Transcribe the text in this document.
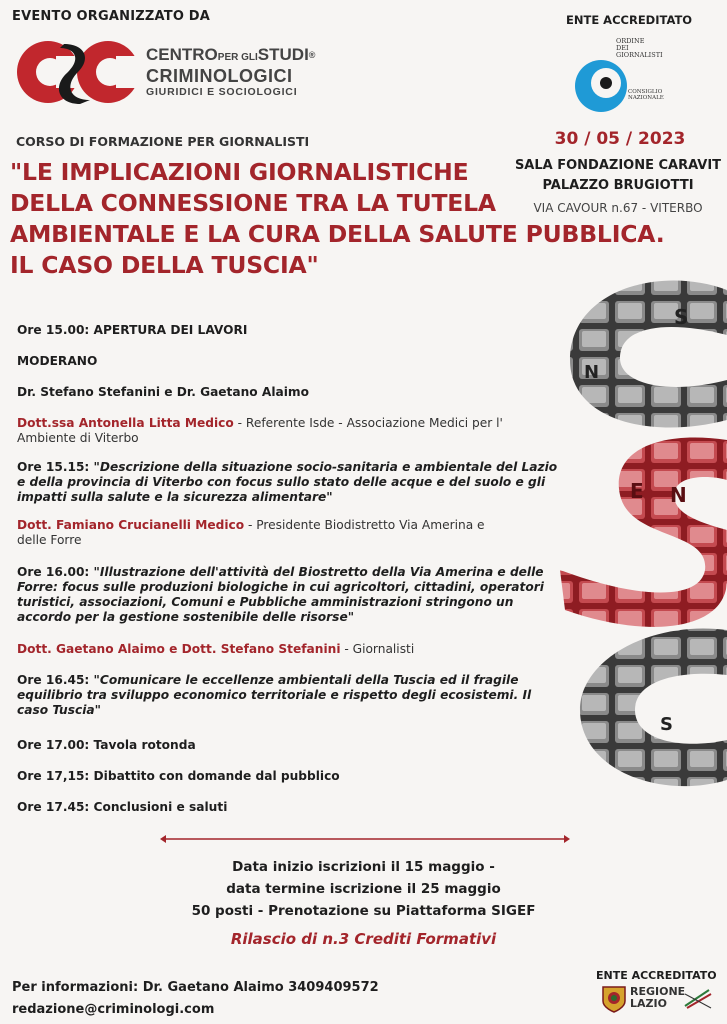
EVENTO ORGANIZZATO DA
CENTROPER GLISTUDI®
CRIMINOLOGICI
GIURIDICI E SOCIOLOGICI
ENTE ACCREDITATO
ORDINE
DEI
GIORNALISTI
CONSIGLIO
NAZIONALE
CORSO DI FORMAZIONE PER GIORNALISTI
"LE IMPLICAZIONI GIORNALISTICHE
DELLA CONNESSIONE TRA LA TUTELA
AMBIENTALE E LA CURA DELLA SALUTE PUBBLICA.
IL CASO DELLA TUSCIA"
30 / 05 / 2023
SALA FONDAZIONE CARAVIT
PALAZZO BRUGIOTTI
VIA CAVOUR n.67 - VITERBO
S
N
E N
S
Ore 15.00: APERTURA DEI LAVORI
MODERANO
Dr. Stefano Stefanini e Dr. Gaetano Alaimo
Dott.ssa Antonella Litta Medico - Referente Isde - Associazione Medici per l' Ambiente di Viterbo
Ore 15.15: "Descrizione della situazione socio-sanitaria e ambientale del Lazio e della provincia di Viterbo con focus sullo stato delle acque e del suolo e gli impatti sulla salute e la sicurezza alimentare"
Dott. Famiano Crucianelli Medico - Presidente Biodistretto Via Amerina e delle Forre
Ore 16.00: "Illustrazione dell'attività del Biostretto della Via Amerina e delle Forre: focus sulle produzioni biologiche in cui agricoltori, cittadini, operatori turistici, associazioni, Comuni e Pubbliche amministrazioni stringono un accordo per la gestione sostenibile delle risorse"
Dott. Gaetano Alaimo e Dott. Stefano Stefanini - Giornalisti
Ore 16.45: "Comunicare le eccellenze ambientali della Tuscia ed il fragile equilibrio tra sviluppo economico territoriale e rispetto degli ecosistemi. Il caso Tuscia"
Ore 17.00: Tavola rotonda
Ore 17,15: Dibattito con domande dal pubblico
Ore 17.45: Conclusioni e saluti
Data inizio iscrizioni il 15 maggio -
data termine iscrizione il 25 maggio
50 posti - Prenotazione su Piattaforma SIGEF
Rilascio di n.3 Crediti Formativi
Per informazioni: Dr. Gaetano Alaimo 3409409572
redazione@criminologi.com
ENTE ACCREDITATO
REGIONE
LAZIO
